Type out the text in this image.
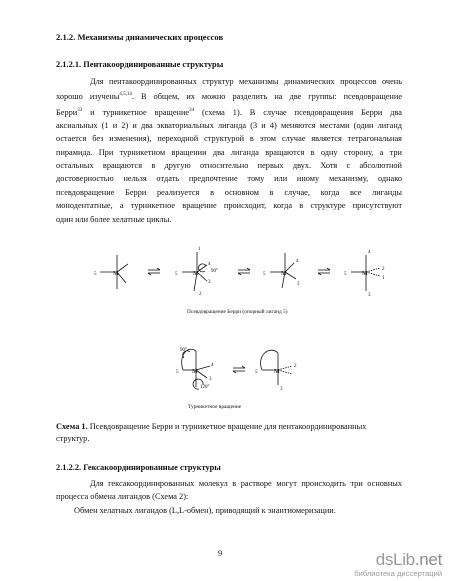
2.1.2. Механизмы динамических процессов
2.1.2.1. Пентакоординированные структуры
Для пентакоординированных структур механизмы динамических процессов очень
хорошо изучены$^{4,5,14}$. В общем, их можно разделить на две группы: псевдовращение
Берри$^{33}$ и турникетное вращение$^{34}$ (схема 1). В случае псевдовращения Берри два
аксиальных (1 и 2) и два экваториальных лиганда (3 и 4) меняются местами (один лиганд
остается без изменения), переходной структурой в этом случае является тетрагональная
пирамида. При турникетном вращении два лиганда вращаются в одну сторону, а три
остальных вращаются в другую относительно первых двух. Хотя с абсолютной
достоверностью нельзя отдать предпочтение тому или иному механизму, однако
псевдовращение Берри реализуется в основном в случае, когда все лиганды
монодентатные, а турникетное вращение происходит, когда в структуре присутствуют
один или более хелатные циклы.
M
5	M
5
1
4
3
2
90°	M
5
4
3
M
5
4
2
1
3
M
90°
120°
5
4
3
M
5
2
3
Псевдовращение Берри (опорный лиганд 5)
Турникетное вращение
Схема 1. Псевдовращение Берри и турникетное вращение для пентакоординированных
структур.
2.1.2.2. Гексакоординированные структуры
Для гексакоординированных молекул в растворе могут происходить три основных
процесса обмена лигандов (Схема 2):
Обмен хелатных лигандов (L,L-обмен), приводящий к энантиомеризации.
9	dsLib.net
библиотека диссертаций
